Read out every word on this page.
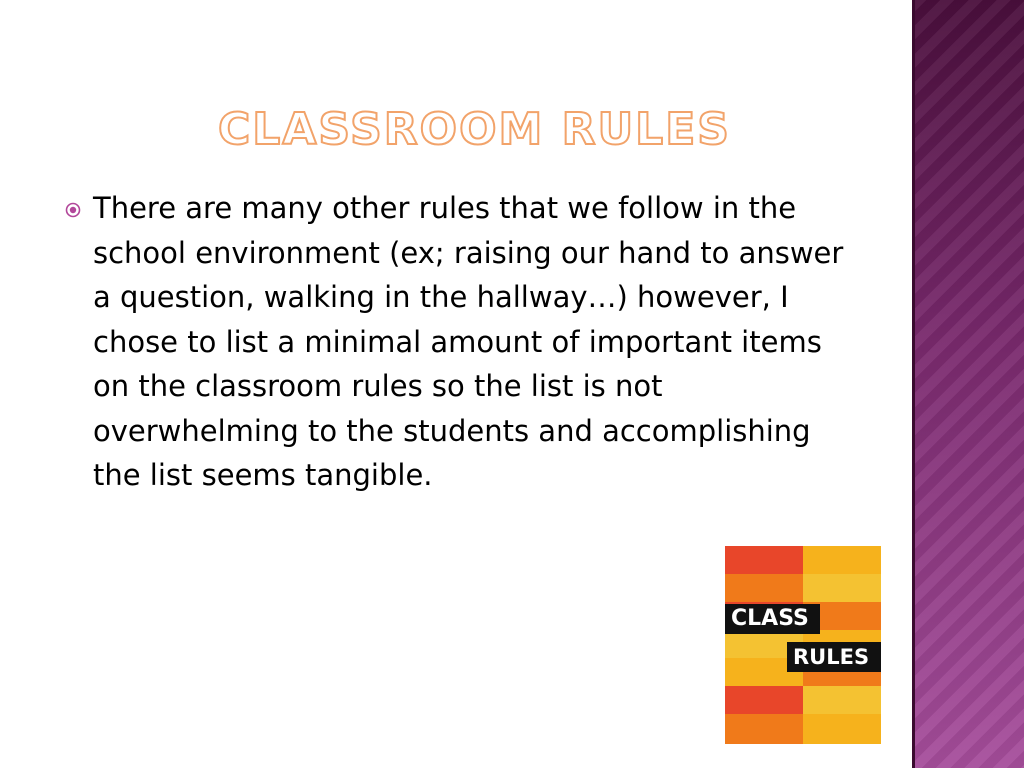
CLASSROOM RULES

There are many other rules that we follow in the school environment (ex; raising our hand to answer a question, walking in the hallway…) however, I chose to list a minimal amount of important items on the classroom rules so the list is not overwhelming to the students and accomplishing the list seems tangible.

CLASS
RULES
